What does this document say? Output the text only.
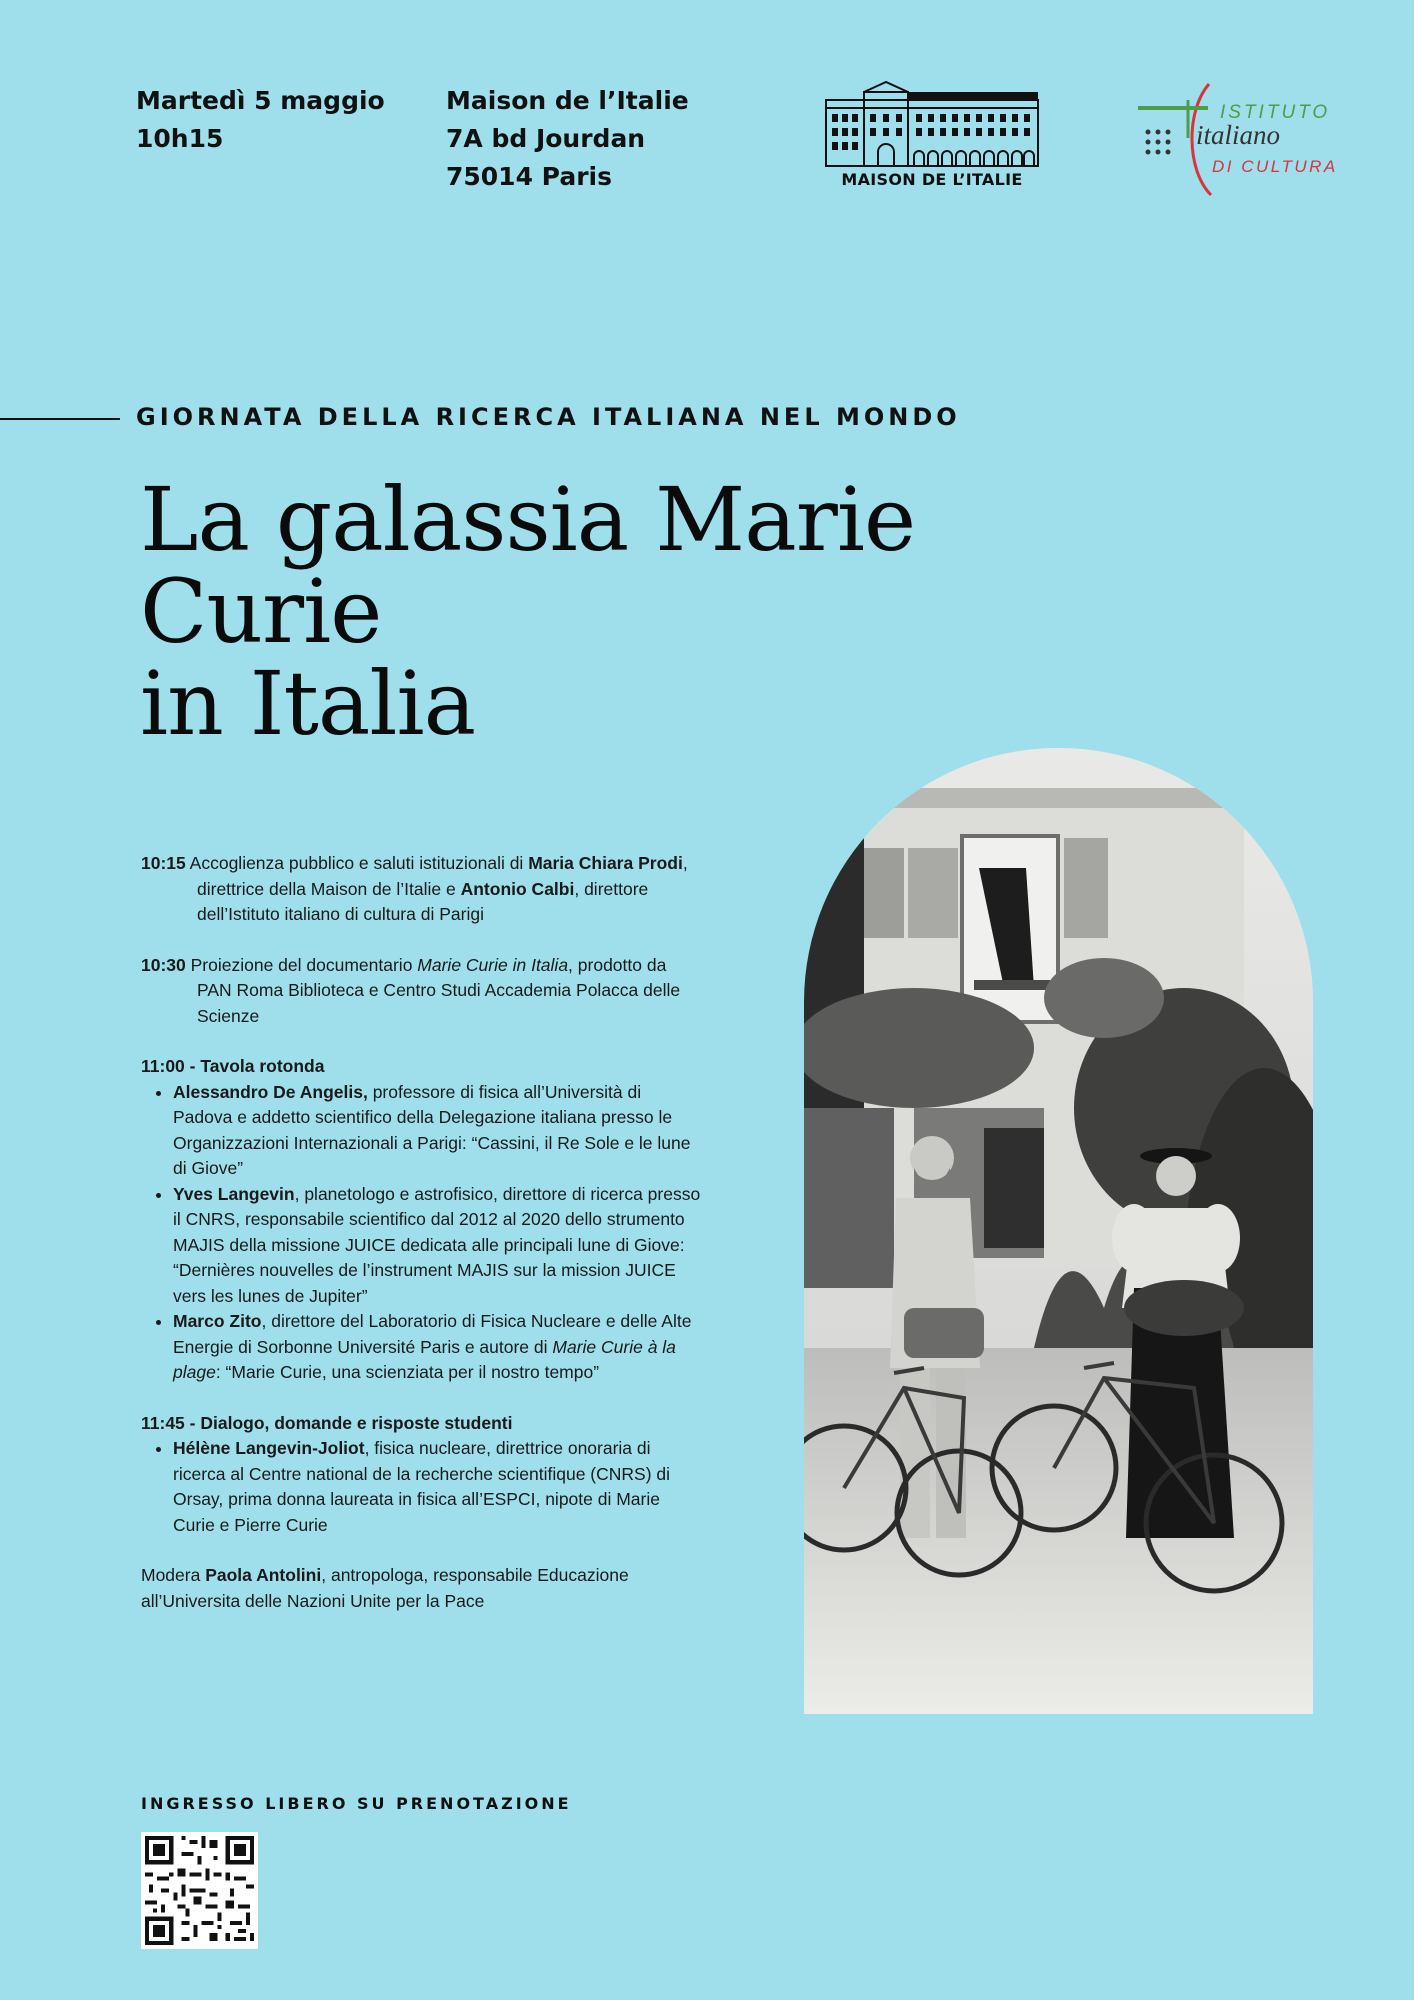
Martedì 5 maggio
10h15
Maison de l’Italie
7A bd Jourdan
75014 Paris	MAISON DE L’ITALIE
ISTITUTO
italiano
DI CULTURA
GIORNATA DELLA RICERCA ITALIANA NEL MONDO
La galassia Marie Curie
in Italia
10:15 Accoglienza pubblico e saluti istituzionali di Maria Chiara Prodi, direttrice della Maison de l’Italie e Antonio Calbi, direttore dell’Istituto italiano di cultura di Parigi
10:30 Proiezione del documentario Marie Curie in Italia, prodotto da PAN Roma Biblioteca e Centro Studi Accademia Polacca delle Scienze
11:00 - Tavola rotonda
• Alessandro De Angelis, professore di fisica all’Università di Padova e addetto scientifico della Delegazione italiana presso le Organizzazioni Internazionali a Parigi: “Cassini, il Re Sole e le lune di Giove”
• Yves Langevin, planetologo e astrofisico, direttore di ricerca presso il CNRS, responsabile scientifico dal 2012 al 2020 dello strumento MAJIS della missione JUICE dedicata alle principali lune di Giove: “Dernières nouvelles de l’instrument MAJIS sur la mission JUICE vers les lunes de Jupiter”
• Marco Zito, direttore del Laboratorio di Fisica Nucleare e delle Alte Energie di Sorbonne Université Paris e autore di Marie Curie à la plage: “Marie Curie, una scienziata per il nostro tempo”
11:45 - Dialogo, domande e risposte studenti
• Hélène Langevin-Joliot, fisica nucleare, direttrice onoraria di ricerca al Centre national de la recherche scientifique (CNRS) di Orsay, prima donna laureata in fisica all’ESPCI, nipote di Marie Curie e Pierre Curie
Modera Paola Antolini, antropologa, responsabile Educazione all’Universita delle Nazioni Unite per la Pace
INGRESSO LIBERO SU PRENOTAZIONE
